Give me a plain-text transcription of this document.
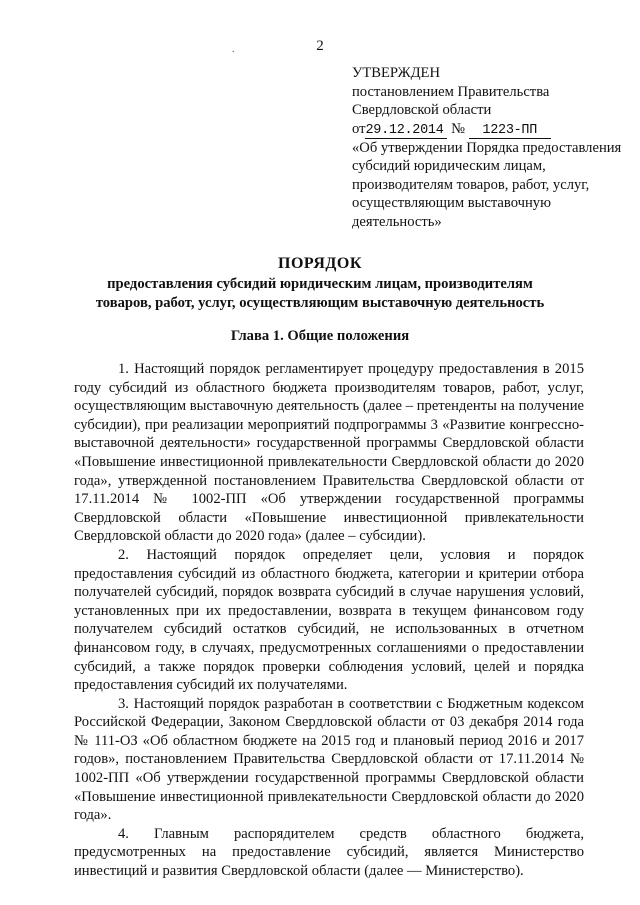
2
.
УТВЕРЖДЕН
постановлением Правительства
Свердловской области
от29.12.2014 № 1223-ПП
«Об утверждении Порядка предоставления субсидий юридическим лицам, производителям товаров, работ, услуг, осуществляющим выставочную деятельность»
ПОРЯДОК
предоставления субсидий юридическим лицам, производителям товаров, работ, услуг, осуществляющим выставочную деятельность
Глава 1. Общие положения

1. Настоящий порядок регламентирует процедуру предоставления в 2015 году субсидий из областного бюджета производителям товаров, работ, услуг, осуществляющим выставочную деятельность (далее – претенденты на получение субсидии), при реализации мероприятий подпрограммы 3 «Развитие конгрессно-выставочной деятельности» государственной программы Свердловской области «Повышение инвестиционной привлекательности Свердловской области до 2020 года», утвержденной постановлением Правительства Свердловской области от 17.11.2014 № 1002-ПП «Об утверждении государственной программы Свердловской области «Повышение инвестиционной привлекательности Свердловской области до 2020 года» (далее – субсидии).

2. Настоящий порядок определяет цели, условия и порядок предоставления субсидий из областного бюджета, категории и критерии отбора получателей субсидий, порядок возврата субсидий в случае нарушения условий, установленных при их предоставлении, возврата в текущем финансовом году получателем субсидий остатков субсидий, не использованных в отчетном финансовом году, в случаях, предусмотренных соглашениями о предоставлении субсидий, а также порядок проверки соблюдения условий, целей и порядка предоставления субсидий их получателями.

3. Настоящий порядок разработан в соответствии с Бюджетным кодексом Российской Федерации, Законом Свердловской области от 03 декабря 2014 года № 111-ОЗ «Об областном бюджете на 2015 год и плановый период 2016 и 2017 годов», постановлением Правительства Свердловской области от 17.11.2014 № 1002-ПП «Об утверждении государственной программы Свердловской области «Повышение инвестиционной привлекательности Свердловской области до 2020 года».

4. Главным распорядителем средств областного бюджета, предусмотренных на предоставление субсидий, является Министерство инвестиций и развития Свердловской области (далее — Министерство).
